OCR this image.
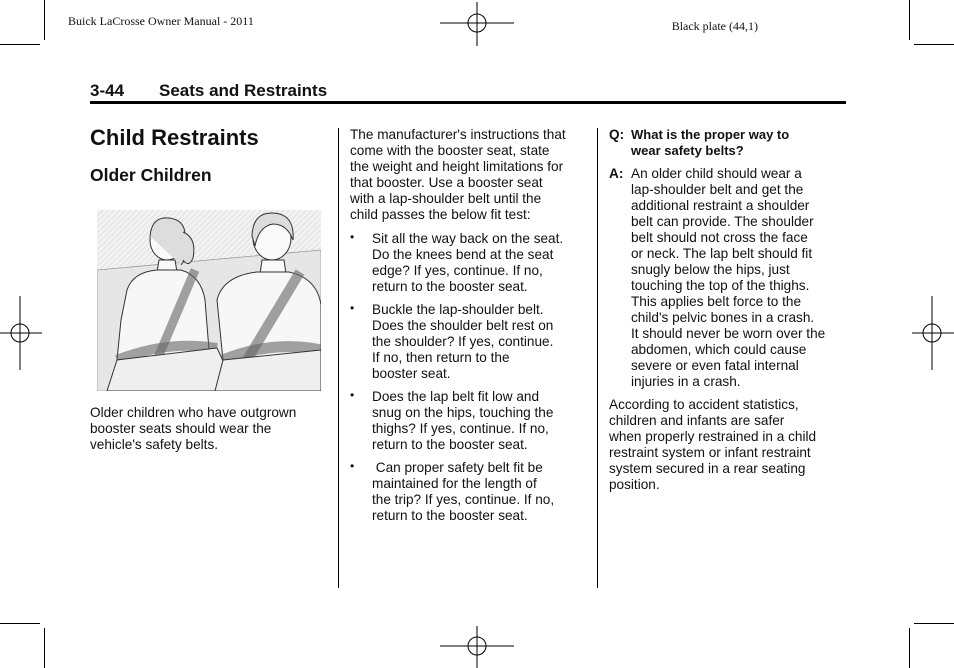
Buick LaCrosse Owner Manual - 2011	Black plate (44,1)
3-44 Seats and Restraints
Child Restraints
Older Children
Older children who have outgrown
booster seats should wear the
vehicle's safety belts.
The manufacturer's instructions that
come with the booster seat, state
the weight and height limitations for
that booster. Use a booster seat
with a lap-shoulder belt until the
child passes the below fit test:
• Sit all the way back on the seat.
Do the knees bend at the seat
edge? If yes, continue. If no,
return to the booster seat.
• Buckle the lap-shoulder belt.
Does the shoulder belt rest on
the shoulder? If yes, continue.
If no, then return to the
booster seat.
• Does the lap belt fit low and
snug on the hips, touching the
thighs? If yes, continue. If no,
return to the booster seat.
• Can proper safety belt fit be
maintained for the length of
the trip? If yes, continue. If no,
return to the booster seat.
Q: What is the proper way to
wear safety belts?
A: An older child should wear a
lap-shoulder belt and get the
additional restraint a shoulder
belt can provide. The shoulder
belt should not cross the face
or neck. The lap belt should fit
snugly below the hips, just
touching the top of the thighs.
This applies belt force to the
child's pelvic bones in a crash.
It should never be worn over the
abdomen, which could cause
severe or even fatal internal
injuries in a crash.
According to accident statistics,
children and infants are safer
when properly restrained in a child
restraint system or infant restraint
system secured in a rear seating
position.
